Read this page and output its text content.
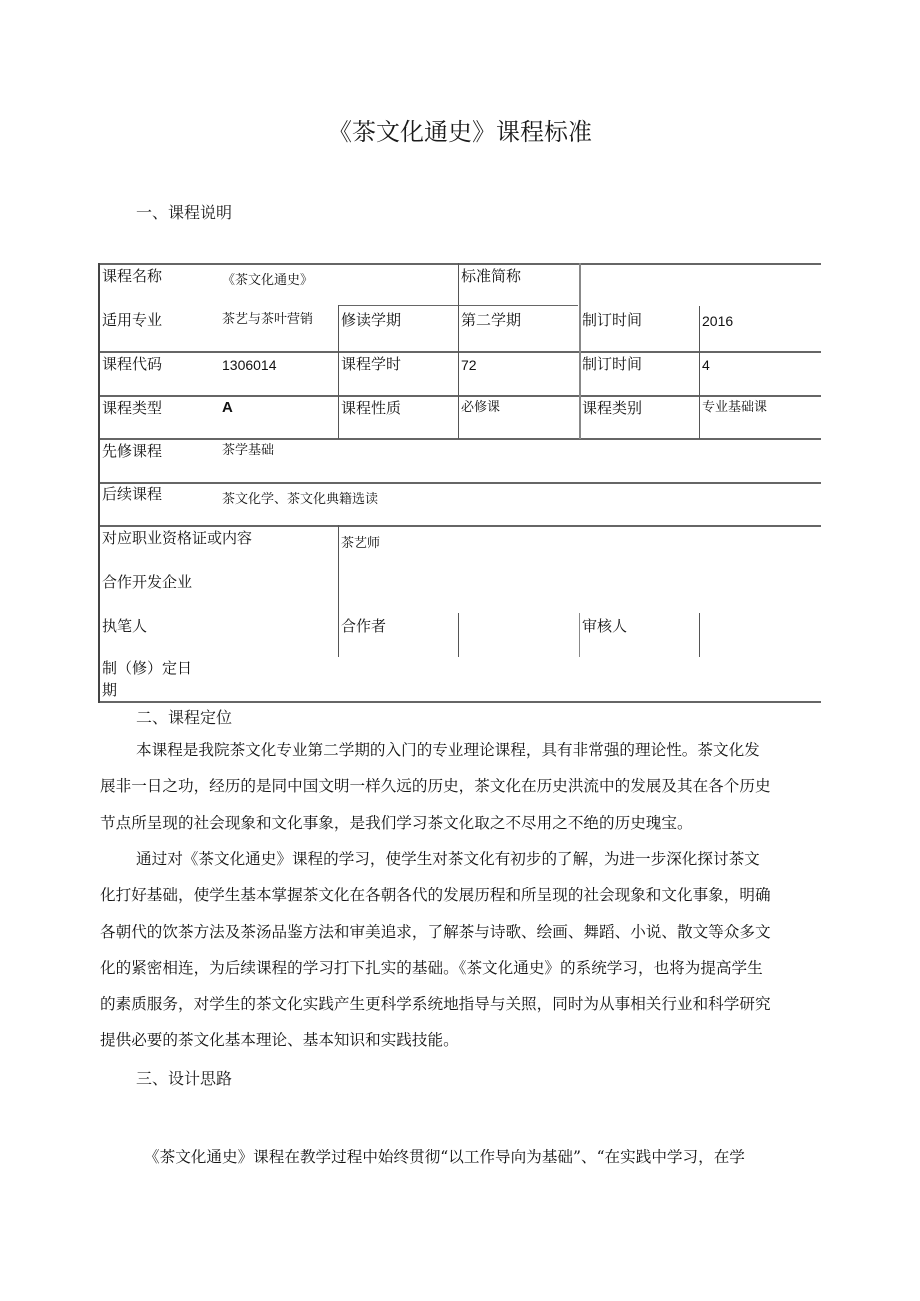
《茶文化通史》课程标准
一、课程说明
课程名称	《茶文化通史》	标准简称
适用专业	茶艺与茶叶营销 修读学期	第二学期	制订时间	2016
课程代码	1306014	课程学时	72	制订时间	4
课程类型	A	课程性质	必修课	课程类别	专业基础课
先修课程	茶学基础
后续课程	茶文化学、茶文化典籍选读
对应职业资格证或内容	茶艺师
合作开发企业
执笔人	合作者	审核人
制（修）定日
期
二、课程定位
本课程是我院茶文化专业第二学期的入门的专业理论课程，具有非常强的理论性。茶文化发
展非一日之功，经历的是同中国文明一样久远的历史，茶文化在历史洪流中的发展及其在各个历史
节点所呈现的社会现象和文化事象，是我们学习茶文化取之不尽用之不绝的历史瑰宝。
通过对《茶文化通史》课程的学习，使学生对茶文化有初步的了解，为进一步深化探讨茶文
化打好基础，使学生基本掌握茶文化在各朝各代的发展历程和所呈现的社会现象和文化事象，明确
各朝代的饮茶方法及茶汤品鉴方法和审美追求，了解茶与诗歌、绘画、舞蹈、小说、散文等众多文
化的紧密相连，为后续课程的学习打下扎实的基础。《茶文化通史》的系统学习，也将为提高学生
的素质服务，对学生的茶文化实践产生更科学系统地指导与关照，同时为从事相关行业和科学研究
提供必要的茶文化基本理论、基本知识和实践技能。
三、设计思路
《茶文化通史》课程在教学过程中始终贯彻“以工作导向为基础”、“在实践中学习，在学
